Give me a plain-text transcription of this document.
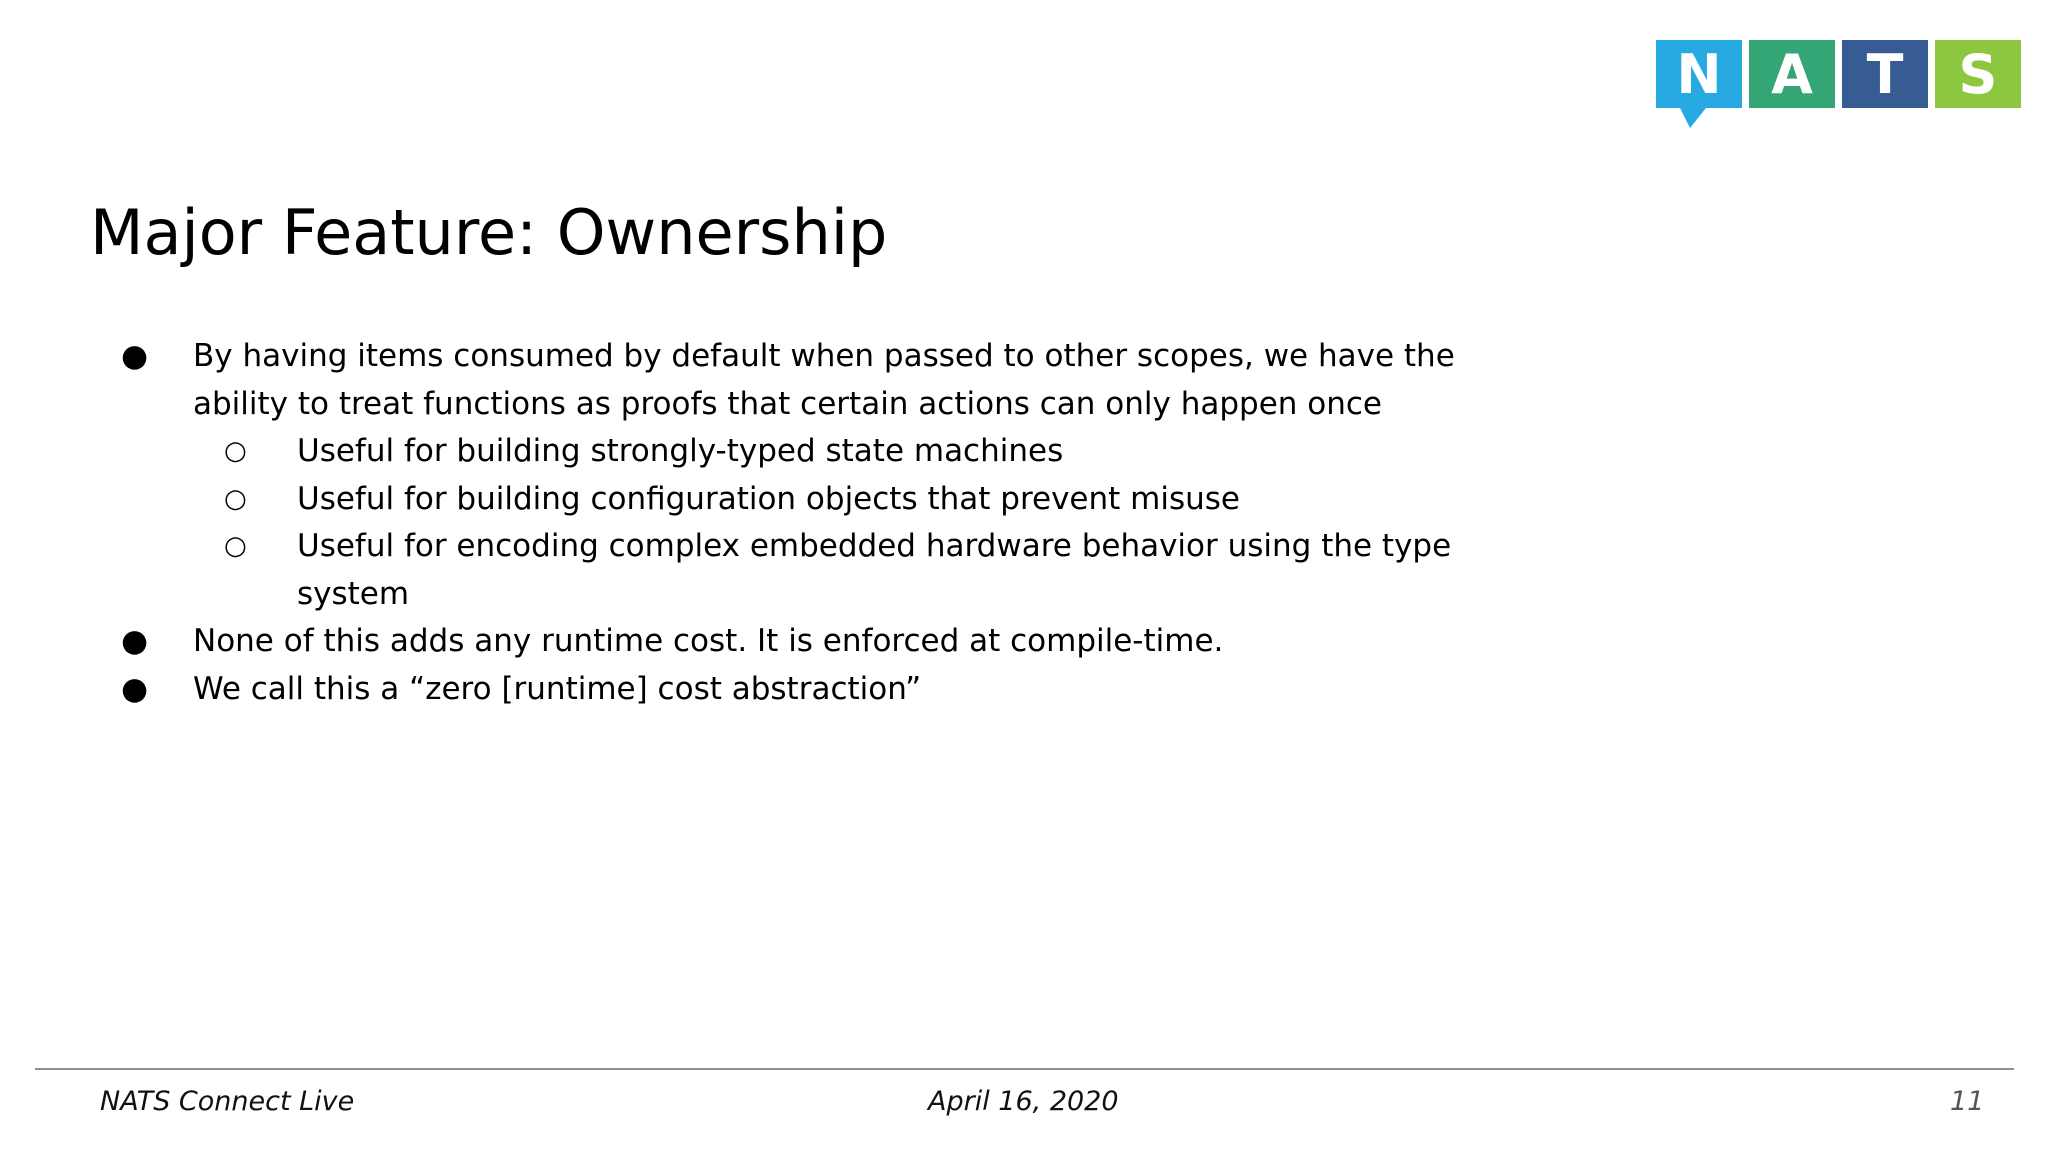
N A T S
Major Feature: Ownership
● By having items consumed by default when passed to other scopes, we have the
ability to treat functions as proofs that certain actions can only happen once
○ Useful for building strongly-typed state machines
○ Useful for building configuration objects that prevent misuse
○ Useful for encoding complex embedded hardware behavior using the type
system
● None of this adds any runtime cost. It is enforced at compile-time.
● We call this a “zero [runtime] cost abstraction”
NATS Connect Live	April 16, 2020	11
